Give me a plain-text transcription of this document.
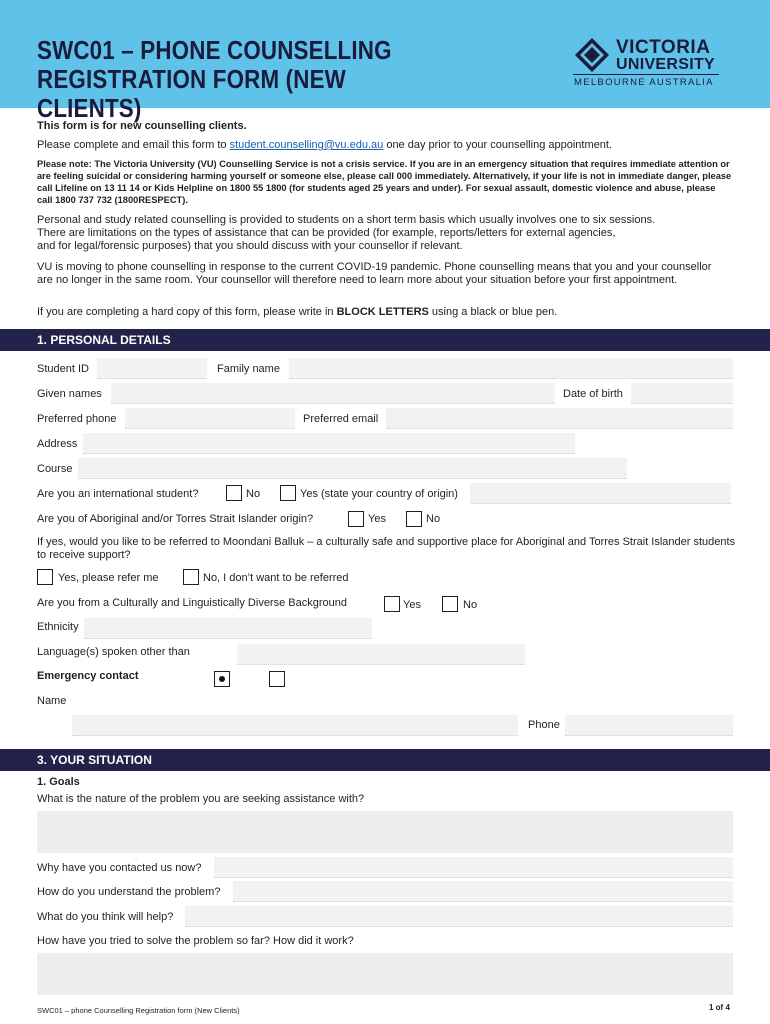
SWC01 – PHONE COUNSELLING
REGISTRATION FORM (NEW CLIENTS)
VICTORIA
UNIVERSITY
MELBOURNE AUSTRALIA
This form is for new counselling clients.
Please complete and email this form to student.counselling@vu.edu.au one day prior to your counselling appointment.
Please note: The Victoria University (VU) Counselling Service is not a crisis service. If you are in an emergency situation that requires immediate attention or are feeling suicidal or considering harming yourself or someone else, please call 000 immediately. Alternatively, if your life is not in immediate danger, please call Lifeline on 13 11 14 or Kids Helpline on 1800 55 1800 (for students aged 25 years and under). For sexual assault, domestic violence and abuse, please call 1800 737 732 (1800RESPECT).
Personal and study related counselling is provided to students on a short term basis which usually involves one to six sessions.
There are limitations on the types of assistance that can be provided (for example, reports/letters for external agencies,
and for legal/forensic purposes) that you should discuss with your counsellor if relevant.
VU is moving to phone counselling in response to the current COVID-19 pandemic. Phone counselling means that you and your counsellor are no longer in the same room. Your counsellor will therefore need to learn more about your situation before your first appointment.
If you are completing a hard copy of this form, please write in BLOCK LETTERS using a black or blue pen.
1. PERSONAL DETAILS
Student ID	Family name
Given names	Date of birth
Preferred phone	Preferred email
Address
Course
Are you an international student?	No	Yes (state your country of origin)
Are you of Aboriginal and/or Torres Strait Islander origin?	Yes	No
If yes, would you like to be referred to Moondani Balluk – a culturally safe and supportive place for Aboriginal and Torres Strait Islander students to receive support?
Yes, please refer me	No, I don’t want to be referred
Are you from a Culturally and Linguistically Diverse Background	Yes	No
Ethnicity
Language(s) spoken other than
Emergency contact
Name
Phone
3. YOUR SITUATION
1. Goals
What is the nature of the problem you are seeking assistance with?
Why have you contacted us now?
How do you understand the problem?
What do you think will help?
How have you tried to solve the problem so far? How did it work?
SWC01 – phone Counselling Registration form (New Clients)	1 of 4
